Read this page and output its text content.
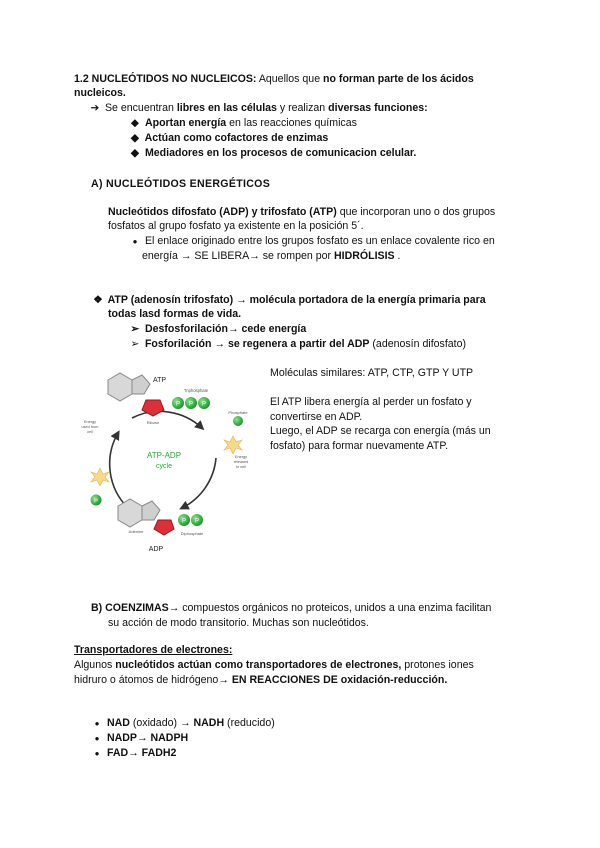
1.2 NUCLEÓTIDOS NO NUCLEICOS: Aquellos que no forman parte de los ácidos
nucleicos.
➔ Se encuentran libres en las células y realizan diversas funciones:
◆ Aportan energía en las reacciones químicas
◆ Actúan como cofactores de enzimas
◆ Mediadores en los procesos de comunicacion celular.
A) NUCLEÓTIDOS ENERGÉTICOS
Nucleótidos difosfato (ADP) y trifosfato (ATP) que incorporan uno o dos grupos
fosfatos al grupo fosfato ya existente en la posición 5´.
● El enlace originado entre los grupos fosfato es un enlace covalente rico en
energía → SE LIBERA→ se rompen por HIDRÓLISIS .
❖ ATP (adenosín trifosfato) → molécula portadora de la energía primaria para
todas lasd formas de vida.
➢ Desfosforilación→ cede energía
➢ Fosforilación → se regenera a partir del ADP (adenosín difosfato)
Ribose
ATP
Triphosphate
P P P
Phosphate
Energy
released
to cell
Energy
used from
cell
P
ATP-ADP
cycle
P P
Adenine	Diphosphate
ADP
Moléculas similares: ATP, CTP, GTP Y UTP
El ATP libera energía al perder un fosfato y
convertirse en ADP.
Luego, el ADP se recarga con energía (más un
fosfato) para formar nuevamente ATP.
B) COENZIMAS→ compuestos orgánicos no proteicos, unidos a una enzima facilitan
su acción de modo transitorio. Muchas son nucleótidos.
Transportadores de electrones:
Algunos nucleótidos actúan como transportadores de electrones, protones iones
hidruro o átomos de hidrógeno→ EN REACCIONES DE oxidación-reducción.
● NAD (oxidado) → NADH (reducido)
● NADP→ NADPH
● FAD→ FADH2
